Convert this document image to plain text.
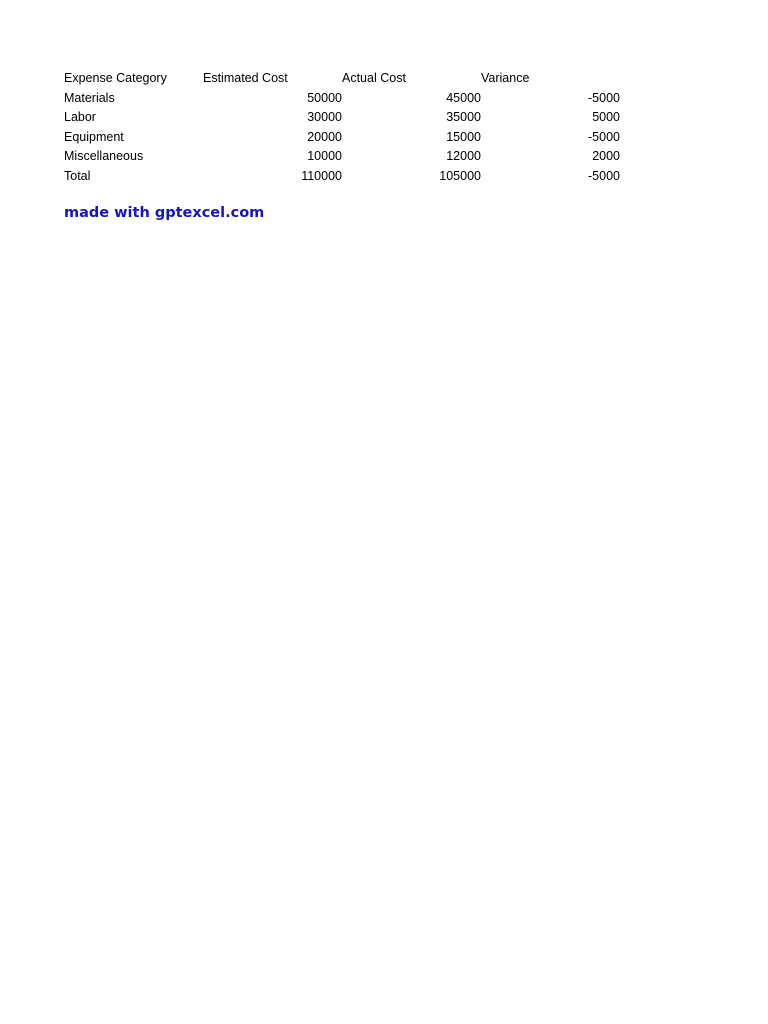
Expense Category	Estimated Cost	Actual Cost	Variance
Materials	50000	45000	-5000
Labor	30000	35000	5000
Equipment	20000	15000	-5000
Miscellaneous	10000	12000	2000
Total	110000	105000	-5000
made with gptexcel.com
